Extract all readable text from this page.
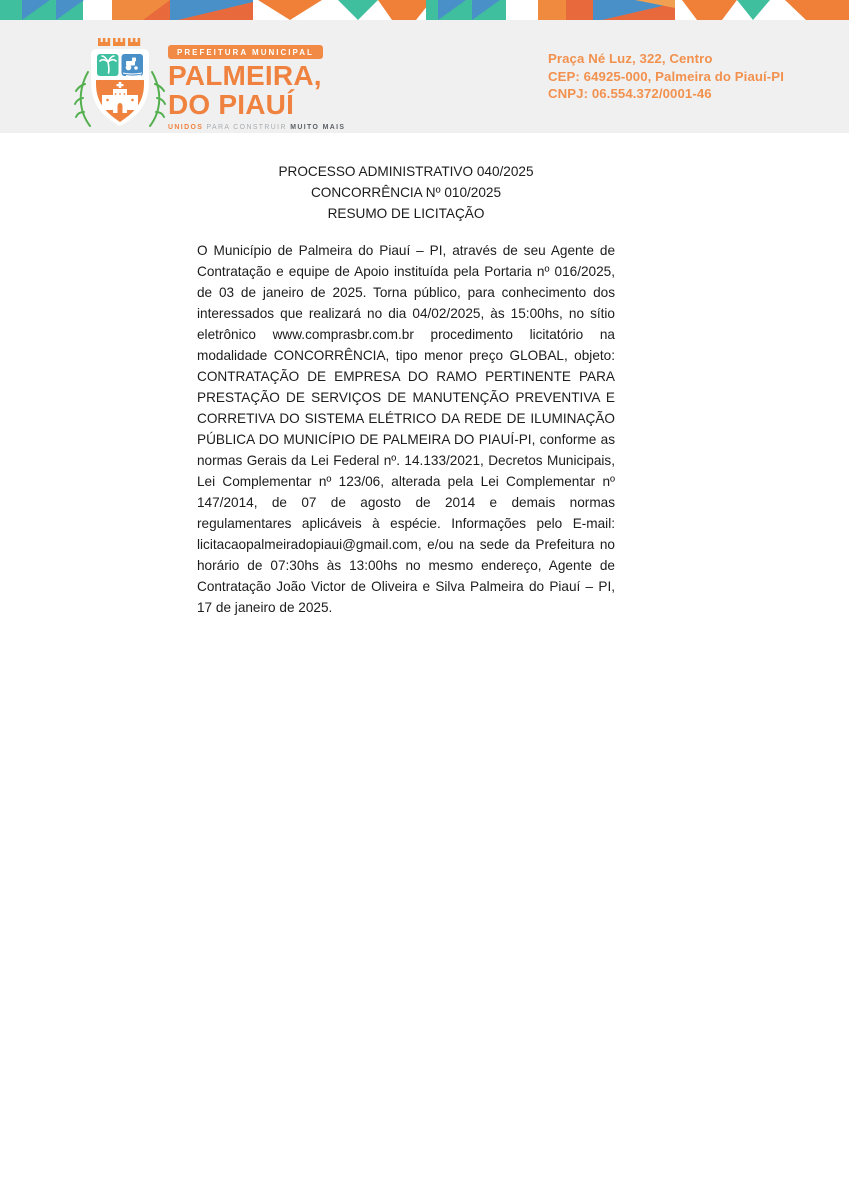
PREFEITURA MUNICIPAL
PALMEIRA,
DO PIAUÍ
UNIDOS PARA CONSTRUIR MUITO MAIS
Praça Né Luz, 322, Centro
CEP: 64925-000, Palmeira do Piauí-PI
CNPJ: 06.554.372/0001-46
PROCESSO ADMINISTRATIVO 040/2025
CONCORRÊNCIA Nº 010/2025
RESUMO DE LICITAÇÃO

O Município de Palmeira do Piauí – PI, através de seu Agente de Contratação e equipe de Apoio instituída pela Portaria nº 016/2025, de 03 de janeiro de 2025. Torna público, para conhecimento dos interessados que realizará no dia 04/02/2025, às 15:00hs, no sítio eletrônico www.comprasbr.com.br procedimento licitatório na modalidade CONCORRÊNCIA, tipo menor preço GLOBAL, objeto: CONTRATAÇÃO DE EMPRESA DO RAMO PERTINENTE PARA PRESTAÇÃO DE SERVIÇOS DE MANUTENÇÃO PREVENTIVA E CORRETIVA DO SISTEMA ELÉTRICO DA REDE DE ILUMINAÇÃO PÚBLICA DO MUNICÍPIO DE PALMEIRA DO PIAUÍ-PI, conforme as normas Gerais da Lei Federal nº. 14.133/2021, Decretos Municipais, Lei Complementar nº 123/06, alterada pela Lei Complementar nº 147/2014, de 07 de agosto de 2014 e demais normas regulamentares aplicáveis à espécie. Informações pelo E-mail: licitacaopalmeiradopiaui@gmail.com, e/ou na sede da Prefeitura no horário de 07:30hs às 13:00hs no mesmo endereço, Agente de Contratação João Victor de Oliveira e Silva Palmeira do Piauí – PI, 17 de janeiro de 2025.
